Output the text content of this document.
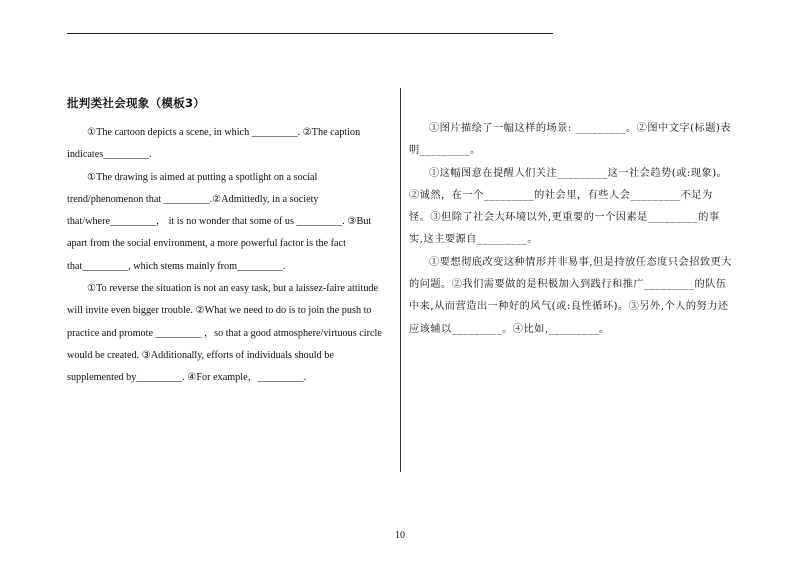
批判类社会现象（模板3）

①The cartoon depicts a scene, in which _________. ②The caption indicates_________.

①The drawing is aimed at putting a spotlight on a social trend/phenomenon that _________.②Admittedly, in a society that/where_________， it is no wonder that some of us _________. ③But apart from the social environment, a more powerful factor is the fact that_________, which stems mainly from_________.

①To reverse the situation is not an easy task, but a laissez-faire attitude will invite even bigger trouble. ②What we need to do is to join the push to practice and promote _________ ，so that a good atmosphere/virtuous circle would be created. ③Additionally, efforts of individuals should be supplemented by_________. ④For example，_________.

①图片描绘了一幅这样的场景: _________。②图中文字(标题)表明_________。

①这幅图意在提醒人们关注_________这一社会趋势(或:现象)。②诚然，在一个_________的社会里，有些人会_________不足为怪。③但除了社会大环境以外,更重要的一个因素是_________的事实,这主要源自_________。

①要想彻底改变这种情形并非易事,但是持放任态度只会招致更大的问题。②我们需要做的是积极加入到践行和推广_________的队伍中来,从而营造出一种好的风气(或:良性循环)。③另外,个人的努力还应该辅以_________。④比如,_________。

10
